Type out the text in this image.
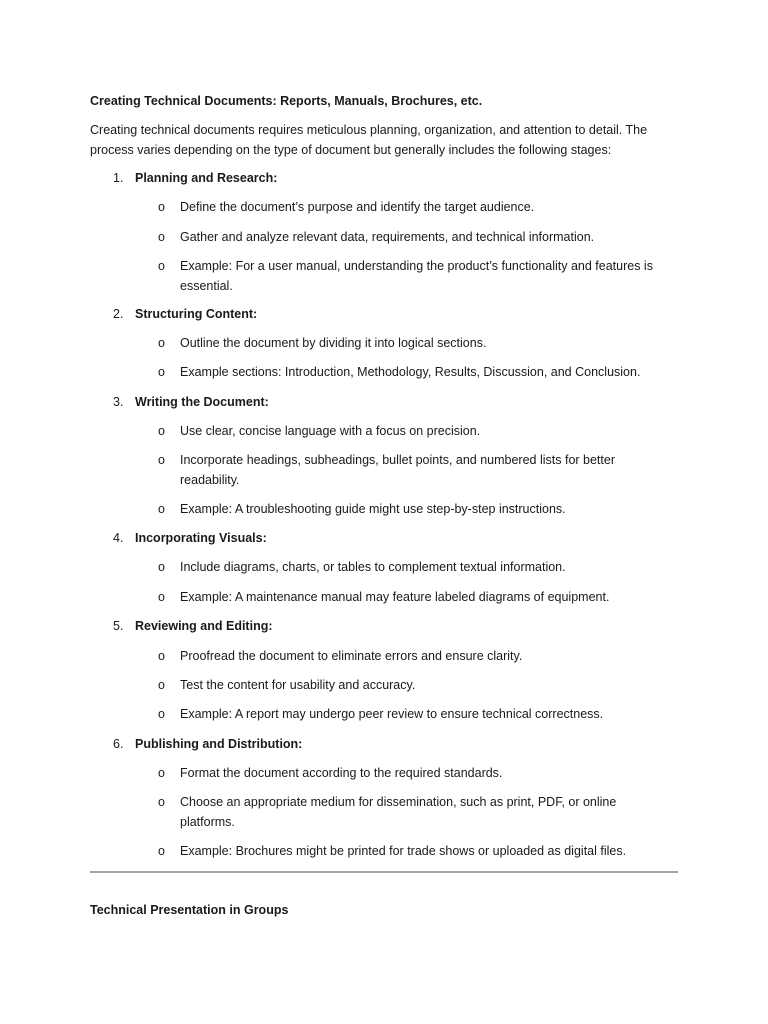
Creating Technical Documents: Reports, Manuals, Brochures, etc.
Creating technical documents requires meticulous planning, organization, and attention to detail. The process varies depending on the type of document but generally includes the following stages:
1. Planning and Research:
o Define the document’s purpose and identify the target audience.
o Gather and analyze relevant data, requirements, and technical information.
o Example: For a user manual, understanding the product’s functionality and features is essential.
2. Structuring Content:
o Outline the document by dividing it into logical sections.
o Example sections: Introduction, Methodology, Results, Discussion, and Conclusion.
3. Writing the Document:
o Use clear, concise language with a focus on precision.
o Incorporate headings, subheadings, bullet points, and numbered lists for better readability.
o Example: A troubleshooting guide might use step-by-step instructions.
4. Incorporating Visuals:
o Include diagrams, charts, or tables to complement textual information.
o Example: A maintenance manual may feature labeled diagrams of equipment.
5. Reviewing and Editing:
o Proofread the document to eliminate errors and ensure clarity.
o Test the content for usability and accuracy.
o Example: A report may undergo peer review to ensure technical correctness.
6. Publishing and Distribution:
o Format the document according to the required standards.
o Choose an appropriate medium for dissemination, such as print, PDF, or online platforms.
o Example: Brochures might be printed for trade shows or uploaded as digital files.
Technical Presentation in Groups
